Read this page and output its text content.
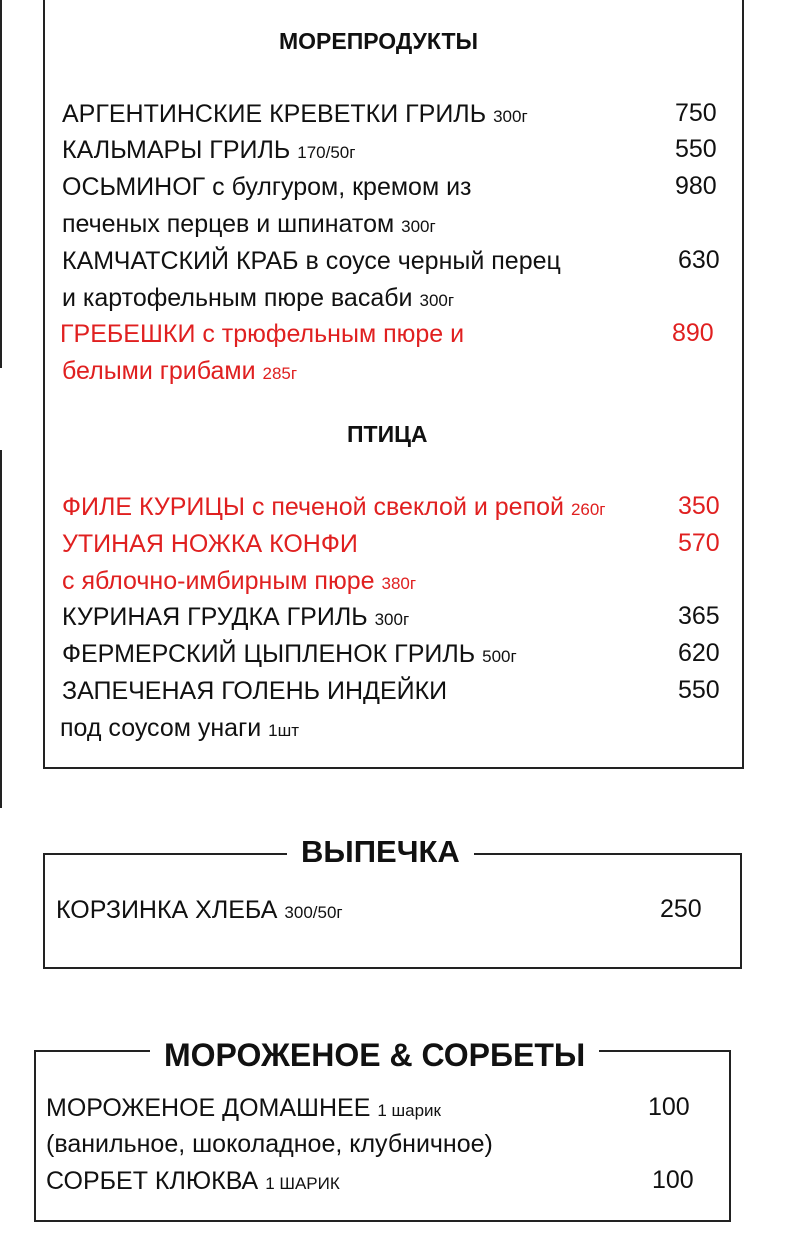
МОРЕПРОДУКТЫ
АРГЕНТИНСКИЕ КРЕВЕТКИ ГРИЛЬ 300г	750
КАЛЬМАРЫ ГРИЛЬ 170/50г	550
ОСЬМИНОГ с булгуром, кремом из
печеных перцев и шпинатом 300г
980
КАМЧАТСКИЙ КРАБ в соусе черный перец
и картофельным пюре васаби 300г
630
ГРЕБЕШКИ с трюфельным пюре и
белыми грибами 285г
890
ПТИЦА
ФИЛЕ КУРИЦЫ с печеной свеклой и репой 260г	350
УТИНАЯ НОЖКА КОНФИ
с яблочно-имбирным пюре 380г
570
КУРИНАЯ ГРУДКА ГРИЛЬ 300г	365
ФЕРМЕРСКИЙ ЦЫПЛЕНОК ГРИЛЬ 500г	620
ЗАПЕЧЕНАЯ ГОЛЕНЬ ИНДЕЙКИ
под соусом унаги 1шт
550
ВЫПЕЧКА
КОРЗИНКА ХЛЕБА 300/50г	250
МОРОЖЕНОЕ & СОРБЕТЫ
МОРОЖЕНОЕ ДОМАШНЕЕ 1 шарик
(ванильное, шоколадное, клубничное)
100
СОРБЕТ КЛЮКВА 1 ШАРИК	100
